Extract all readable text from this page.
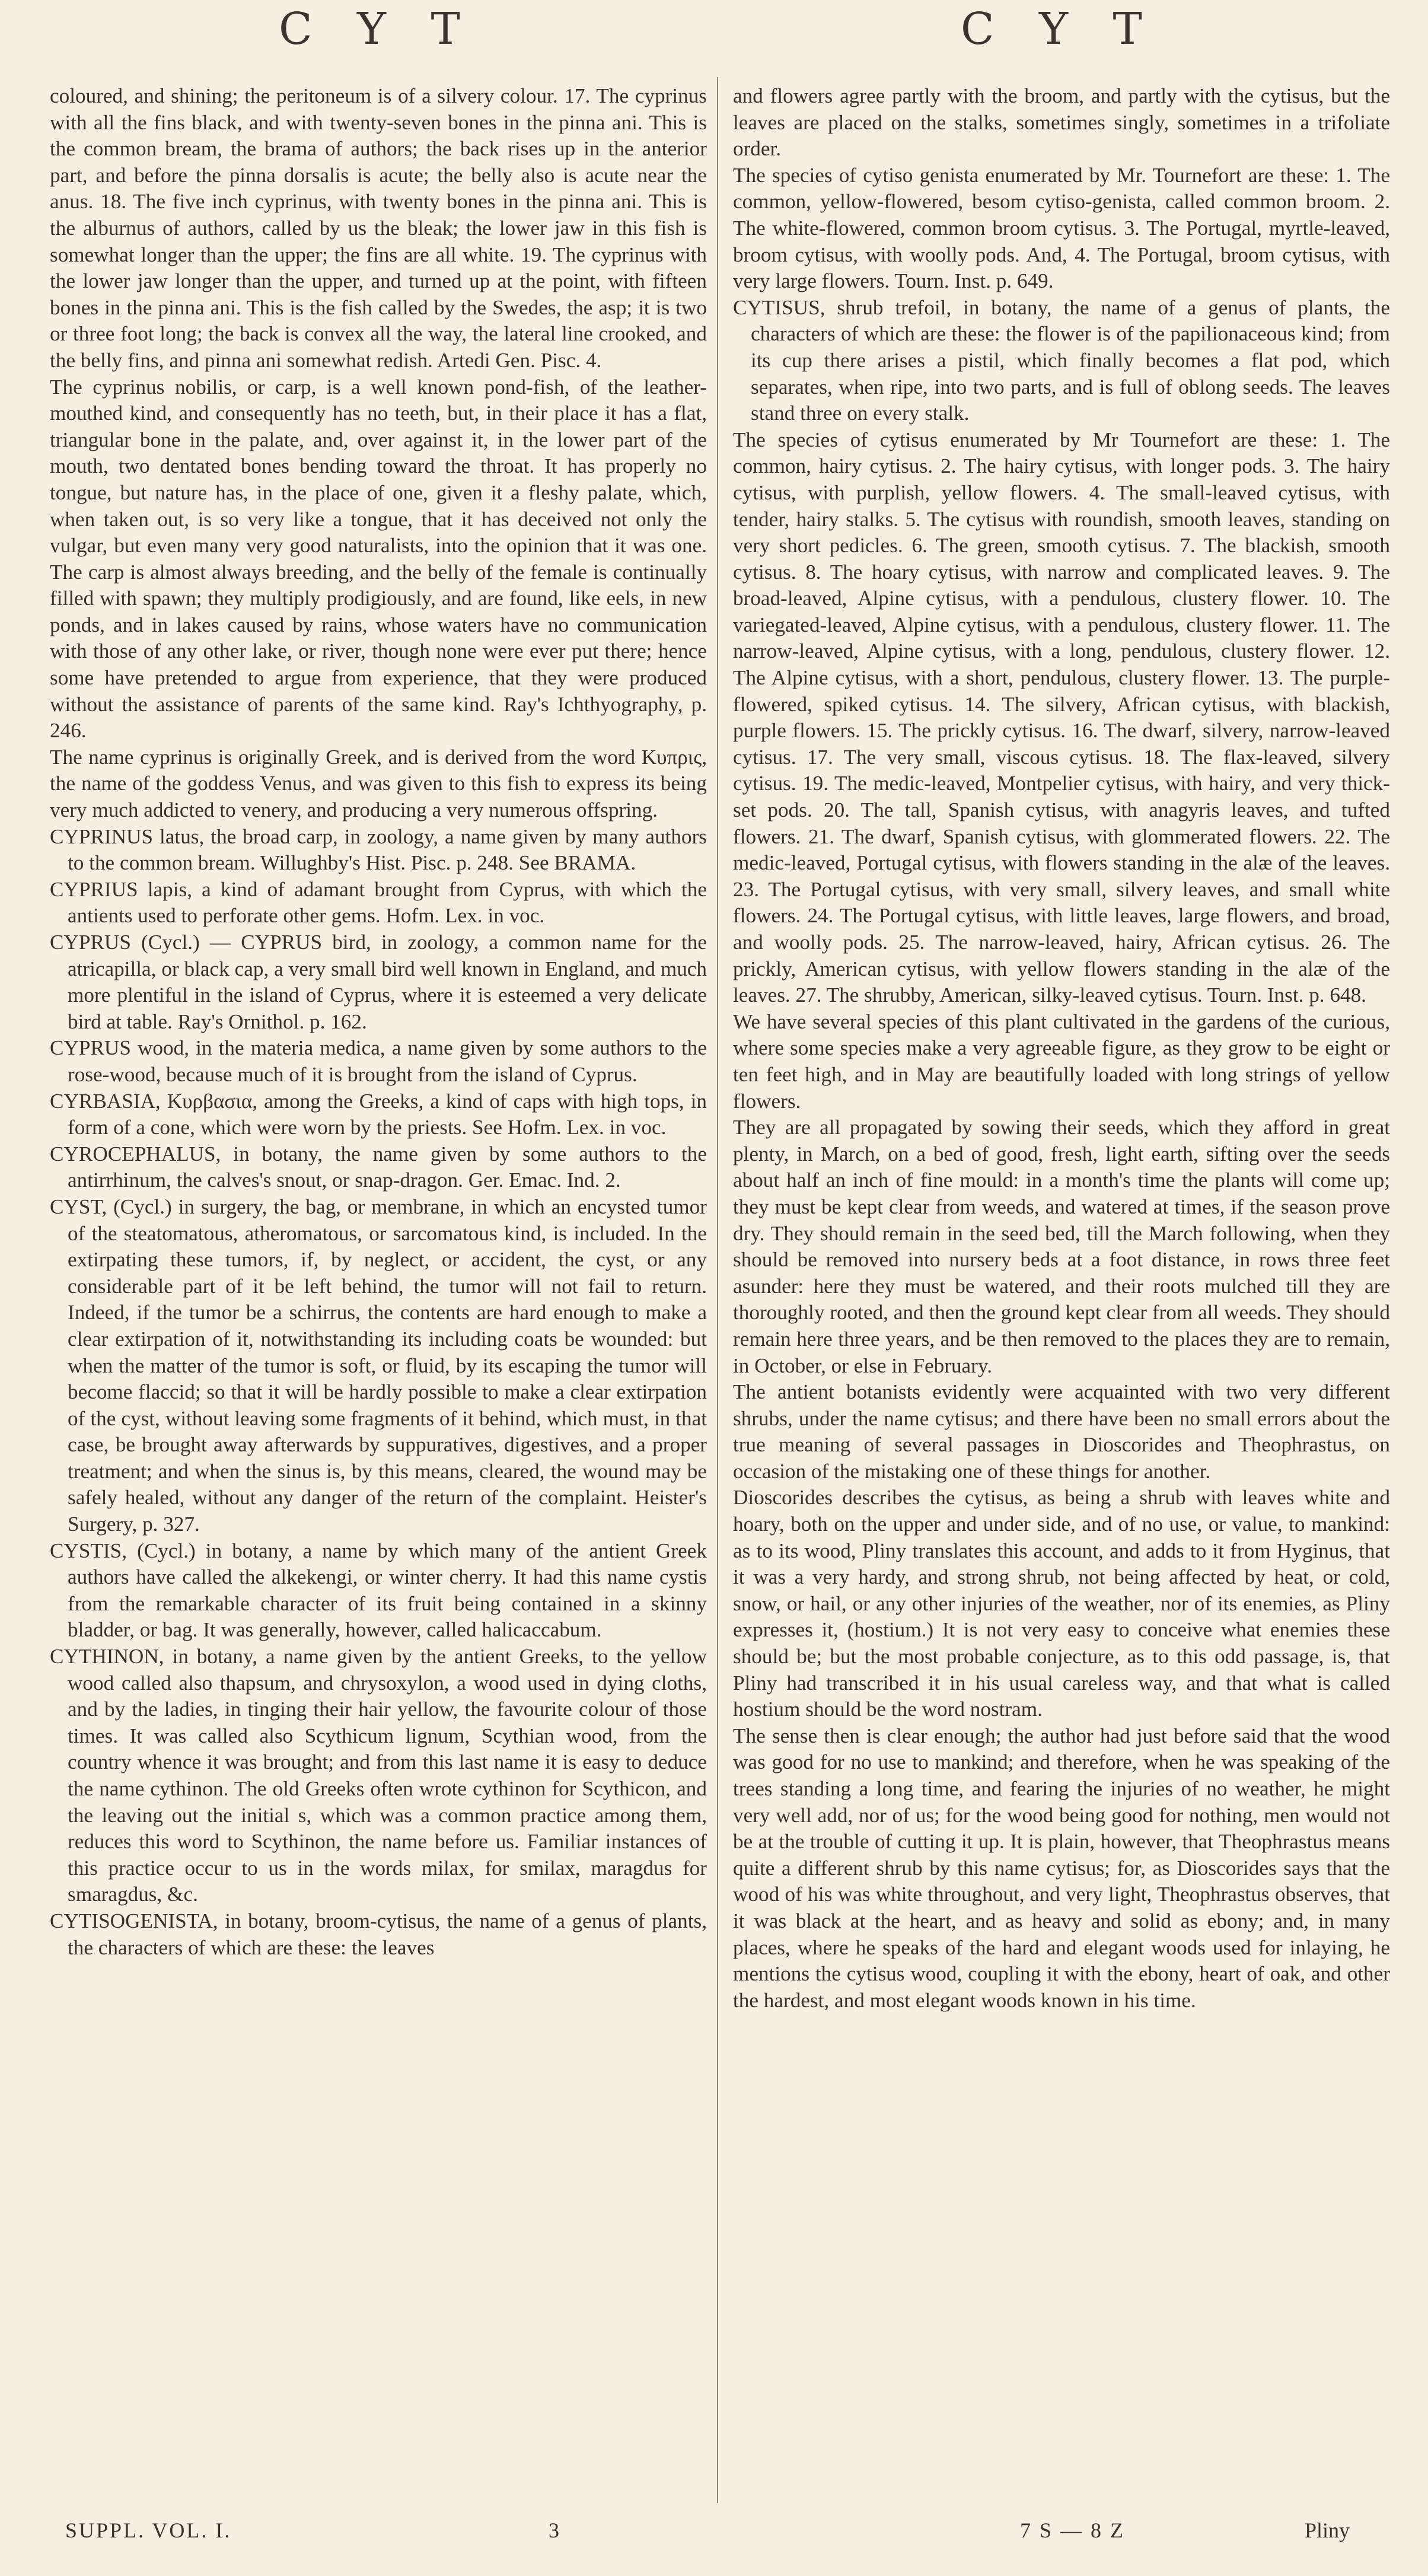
C Y T	C Y T

coloured, and shining; the peritoneum is of a silvery colour. 17. The cyprinus with all the fins black, and with twenty-seven bones in the pinna ani. This is the common bream, the brama of authors; the back rises up in the anterior part, and before the pinna dorsalis is acute; the belly also is acute near the anus. 18. The five inch cyprinus, with twenty bones in the pinna ani. This is the alburnus of authors, called by us the bleak; the lower jaw in this fish is somewhat longer than the upper; the fins are all white. 19. The cyprinus with the lower jaw longer than the upper, and turned up at the point, with fifteen bones in the pinna ani. This is the fish called by the Swedes, the asp; it is two or three foot long; the back is convex all the way, the lateral line crooked, and the belly fins, and pinna ani somewhat redish. Artedi Gen. Pisc. 4.

The cyprinus nobilis, or carp, is a well known pond-fish, of the leather-mouthed kind, and consequently has no teeth, but, in their place it has a flat, triangular bone in the palate, and, over against it, in the lower part of the mouth, two dentated bones bending toward the throat. It has properly no tongue, but nature has, in the place of one, given it a fleshy palate, which, when taken out, is so very like a tongue, that it has deceived not only the vulgar, but even many very good naturalists, into the opinion that it was one. The carp is almost always breeding, and the belly of the female is continually filled with spawn; they multiply prodigiously, and are found, like eels, in new ponds, and in lakes caused by rains, whose waters have no communication with those of any other lake, or river, though none were ever put there; hence some have pretended to argue from experience, that they were produced without the assistance of parents of the same kind. Ray's Ichthyography, p. 246.

The name cyprinus is originally Greek, and is derived from the word Κυπρις, the name of the goddess Venus, and was given to this fish to express its being very much addicted to venery, and producing a very numerous offspring.

CYPRINUS latus, the broad carp, in zoology, a name given by many authors to the common bream. Willughby's Hist. Pisc. p. 248. See BRAMA.

CYPRIUS lapis, a kind of adamant brought from Cyprus, with which the antients used to perforate other gems. Hofm. Lex. in voc.

CYPRUS (Cycl.) — CYPRUS bird, in zoology, a common name for the atricapilla, or black cap, a very small bird well known in England, and much more plentiful in the island of Cyprus, where it is esteemed a very delicate bird at table. Ray's Ornithol. p. 162.

CYPRUS wood, in the materia medica, a name given by some authors to the rose-wood, because much of it is brought from the island of Cyprus.

CYRBASIA, Κυρβασια, among the Greeks, a kind of caps with high tops, in form of a cone, which were worn by the priests. See Hofm. Lex. in voc.

CYROCEPHALUS, in botany, the name given by some authors to the antirrhinum, the calves's snout, or snap-dragon. Ger. Emac. Ind. 2.

CYST, (Cycl.) in surgery, the bag, or membrane, in which an encysted tumor of the steatomatous, atheromatous, or sarcomatous kind, is included. In the extirpating these tumors, if, by neglect, or accident, the cyst, or any considerable part of it be left behind, the tumor will not fail to return. Indeed, if the tumor be a schirrus, the contents are hard enough to make a clear extirpation of it, notwithstanding its including coats be wounded: but when the matter of the tumor is soft, or fluid, by its escaping the tumor will become flaccid; so that it will be hardly possible to make a clear extirpation of the cyst, without leaving some fragments of it behind, which must, in that case, be brought away afterwards by suppuratives, digestives, and a proper treatment; and when the sinus is, by this means, cleared, the wound may be safely healed, without any danger of the return of the complaint. Heister's Surgery, p. 327.

CYSTIS, (Cycl.) in botany, a name by which many of the antient Greek authors have called the alkekengi, or winter cherry. It had this name cystis from the remarkable character of its fruit being contained in a skinny bladder, or bag. It was generally, however, called halicaccabum.

CYTHINON, in botany, a name given by the antient Greeks, to the yellow wood called also thapsum, and chrysoxylon, a wood used in dying cloths, and by the ladies, in tinging their hair yellow, the favourite colour of those times. It was called also Scythicum lignum, Scythian wood, from the country whence it was brought; and from this last name it is easy to deduce the name cythinon. The old Greeks often wrote cythinon for Scythicon, and the leaving out the initial s, which was a common practice among them, reduces this word to Scythinon, the name before us. Familiar instances of this practice occur to us in the words milax, for smilax, maragdus for smaragdus, &c.

CYTISOGENISTA, in botany, broom-cytisus, the name of a genus of plants, the characters of which are these: the leaves

and flowers agree partly with the broom, and partly with the cytisus, but the leaves are placed on the stalks, sometimes singly, sometimes in a trifoliate order.

The species of cytiso genista enumerated by Mr. Tournefort are these: 1. The common, yellow-flowered, besom cytiso-genista, called common broom. 2. The white-flowered, common broom cytisus. 3. The Portugal, myrtle-leaved, broom cytisus, with woolly pods. And, 4. The Portugal, broom cytisus, with very large flowers. Tourn. Inst. p. 649.

CYTISUS, shrub trefoil, in botany, the name of a genus of plants, the characters of which are these: the flower is of the papilionaceous kind; from its cup there arises a pistil, which finally becomes a flat pod, which separates, when ripe, into two parts, and is full of oblong seeds. The leaves stand three on every stalk.

The species of cytisus enumerated by Mr Tournefort are these: 1. The common, hairy cytisus. 2. The hairy cytisus, with longer pods. 3. The hairy cytisus, with purplish, yellow flowers. 4. The small-leaved cytisus, with tender, hairy stalks. 5. The cytisus with roundish, smooth leaves, standing on very short pedicles. 6. The green, smooth cytisus. 7. The blackish, smooth cytisus. 8. The hoary cytisus, with narrow and complicated leaves. 9. The broad-leaved, Alpine cytisus, with a pendulous, clustery flower. 10. The variegated-leaved, Alpine cytisus, with a pendulous, clustery flower. 11. The narrow-leaved, Alpine cytisus, with a long, pendulous, clustery flower. 12. The Alpine cytisus, with a short, pendulous, clustery flower. 13. The purple-flowered, spiked cytisus. 14. The silvery, African cytisus, with blackish, purple flowers. 15. The prickly cytisus. 16. The dwarf, silvery, narrow-leaved cytisus. 17. The very small, viscous cytisus. 18. The flax-leaved, silvery cytisus. 19. The medic-leaved, Montpelier cytisus, with hairy, and very thick-set pods. 20. The tall, Spanish cytisus, with anagyris leaves, and tufted flowers. 21. The dwarf, Spanish cytisus, with glommerated flowers. 22. The medic-leaved, Portugal cytisus, with flowers standing in the alæ of the leaves. 23. The Portugal cytisus, with very small, silvery leaves, and small white flowers. 24. The Portugal cytisus, with little leaves, large flowers, and broad, and woolly pods. 25. The narrow-leaved, hairy, African cytisus. 26. The prickly, American cytisus, with yellow flowers standing in the alæ of the leaves. 27. The shrubby, American, silky-leaved cytisus. Tourn. Inst. p. 648.

We have several species of this plant cultivated in the gardens of the curious, where some species make a very agreeable figure, as they grow to be eight or ten feet high, and in May are beautifully loaded with long strings of yellow flowers.

They are all propagated by sowing their seeds, which they afford in great plenty, in March, on a bed of good, fresh, light earth, sifting over the seeds about half an inch of fine mould: in a month's time the plants will come up; they must be kept clear from weeds, and watered at times, if the season prove dry. They should remain in the seed bed, till the March following, when they should be removed into nursery beds at a foot distance, in rows three feet asunder: here they must be watered, and their roots mulched till they are thoroughly rooted, and then the ground kept clear from all weeds. They should remain here three years, and be then removed to the places they are to remain, in October, or else in February.

The antient botanists evidently were acquainted with two very different shrubs, under the name cytisus; and there have been no small errors about the true meaning of several passages in Dioscorides and Theophrastus, on occasion of the mistaking one of these things for another.

Dioscorides describes the cytisus, as being a shrub with leaves white and hoary, both on the upper and under side, and of no use, or value, to mankind: as to its wood, Pliny translates this account, and adds to it from Hyginus, that it was a very hardy, and strong shrub, not being affected by heat, or cold, snow, or hail, or any other injuries of the weather, nor of its enemies, as Pliny expresses it, (hostium.) It is not very easy to conceive what enemies these should be; but the most probable conjecture, as to this odd passage, is, that Pliny had transcribed it in his usual careless way, and that what is called hostium should be the word nostram.

The sense then is clear enough; the author had just before said that the wood was good for no use to mankind; and therefore, when he was speaking of the trees standing a long time, and fearing the injuries of no weather, he might very well add, nor of us; for the wood being good for nothing, men would not be at the trouble of cutting it up. It is plain, however, that Theophrastus means quite a different shrub by this name cytisus; for, as Dioscorides says that the wood of his was white throughout, and very light, Theophrastus observes, that it was black at the heart, and as heavy and solid as ebony; and, in many places, where he speaks of the hard and elegant woods used for inlaying, he mentions the cytisus wood, coupling it with the ebony, heart of oak, and other the hardest, and most elegant woods known in his time.

SUPPL. VOL. I.	3	7 S — 8 Z	Pliny
